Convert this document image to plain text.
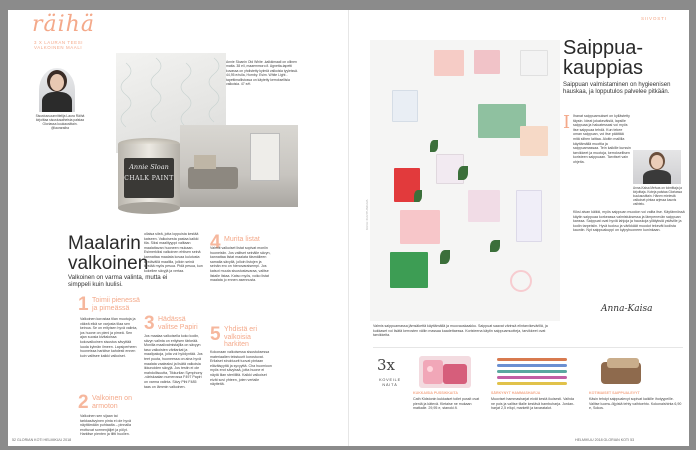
räihä
3 X LAURAN TEESI
VALKOINEN MAALI
Sisustussuunnittelija Laura Räihä kirjoittaa sisustusaiheista palstaa Gloriassa kuukausittain.
@lauraraiha
Annie Sloanin Old White -kalkkimaali on ollinen matta. 38 e/l, maaemmoro.fi. Agnetta-tapetti kuvassa on yhdistetty kylmiä valkoisia tyyleissä. 44,95 e/rulla, Hornby. Esim. White Light -tapettimallistossa on käytetty kerroksellisia valkoisia. 47 e/rl.
Annie Sloan
CHALK PAINT
Maalarin valkoinen
Valkoinen on varma valinta, mutta ei simppeli kuin luulisi.
1 Toimii pienessä ja pimeässä
Valkoinen korostaa tilan muotoja ja väkeä eikä se varjosta tilaa sen keinoa. Se on erityisen hyvä valinta, jos huone on pieni ja pimeä. Sen ajan suosia kivitaloissa kokovalkoinen sisustus sävyttää luoda kylmän ilmeen. Lapsiperheen huoneissa harkitse kahdesti ennen kuin valitsee kaikki valkoiset.
2 Valkoinen on armoton
Valkoinen sen sijaan tai tarkkasävyinen pinta ei ole hyvä näyttämään puhtaalta – pinnalla erottuvat sormenjäljet ja pölyt. Harkitse pienten ja tiltti huolien.
ollaisa sileä, jotta loppuista kestää katseen. Valkoisesta pastaa kaikki tila. Siksi maalityyppi valitaan maalattavan huoneen mukaan. Esimerkiksi valkoinen ehtisen seinä kannattaa maalata kovaa kulutusta kestävällä maalilla, jolloin seinä kestää myös pesua. Pidä pesua, kun kokeilee sävyjä ja vertaa.
3 Hädässä valitse Papiri
Jos maalaa valkoisella koko kodin, sävyn valinta on erityisen tärkeää. Monilla maalivalmistajilla on sävyyn taso valkoisten väritarkat ja maalipakoja, joita voi hyödyntää. Jos teet puuta, huoneessa on aina hyvä maalata vaaleaksi ja lisätä valkoisia ikkunoiden sävyjä. Jos testin ei ole mahdollisuutta, Tikkurilan Symphony -väriskaalan numerossa F497 Papiri on varma valinta. Sävy Pihl F485 taas on lämmin valkoinen.
4 Murita listat
Valmiit valkoiset listat sopivat moniin huoneisiin. Jos valitset seinälle sävyn, kannattaa listat maalata täsmälleen samalla sävyllä, jolloin listojen ja seinän ero on hienovaraisempi. Jos katsot muuta sisustustavaraa, valitse listalle listaa. Katso myös, voiko listat maalata jo ennen asennusta.
5 Yhdistä eri valkoisia harkiten
Kokonaan valkoisessa sisustuksessa materiaalien tekstuurit korostuvat. Erilaiset struktuurit tuovat pintaan eläväisyyttä ja syvyyttä. Cha huomioon myös erot sävyissä, jotta huone ei näytä liian steriililtä. Kaikki valkoiset eivät sovi yhteen, joten vertaile näytteitä.
52 GLORIAN KOTI HELMIKUU 2018
SIIVOSTI
KUVA: KUVITUSKUVA
Saippua-kauppias
Saippuan valmistaminen on hygieenisen hauskaa, ja lopputulos palvelee pitkään.
I Ihanat saippuamukset on kyllästetty täysin. Ideat jokakeväisiä, lapsille saippuaa ja haluatessasi voi myös itse saippuaa tehdä. Kun tekee oman saippuan, voi itse päättää mitä siihen laittaa. Aloitin mallilla käyttämällä muottia ja saippuamassaa. Tein kaikille kurssin tarvikkeet ja muotoja, kerroksellisen koristeen saippuaan. Tarvitset vain ohjeita.
Anna-Kaisa Melvas on toimittaja ja kirjoittaja. Koteja palstaa Gloriassa kuukausittain. Hänen mielestä valkoiset pintaa arjessa kaunis vaihtelu.
Kiksi aivan käikki, myös saippuan muodon voi valita itse. Käytännössä käytin saippuaa korkeassa valmistuksessa ja lämpenevän saippuan kanssa. Saippuat ovat hyviä lahjoja ja hauskoja yllätyksiä ystäville ja kodin tarpeisiin. Hyvä tuoksu ja värikkäät muodot tekevät kodista kauniin. Nyt saippuakuppi on kylpyhuoneen kuninkaan.
Anna-Kaisa
Valmis saippuamassa jämsäkettä käyttämällä ja muovauskaakku. Saippuat saavat värinsä elintarvikevärillä, ja kukkaset voi lisätä kerrosten väliin massaa kaadettaessa. Koristeena käytin saippuamuotteja, tarvikkeet ovat tarvikkeita.
3x
KOVEILE
NÄITÄ
KUKKAISIA PUSSIKKAITA
Cath Kidstonin kukkaiset toilet pussit ovat pieniä ja kätevä. Kietaise ne mukaan matkalle. 29,95 e, stanoki.fi.
SÄRKYNYT HAMMASHARJA
Muoviset hammasharjat eivät kestä ikuisesti. Vaihda ne pois ja valitse tilalle kestävä bambuharja. Jordan-harjat 2,5 e/kpl, marketit ja tavaratalot.
KOTIMAISET SAIPPUALEVYT
Käsin tehdyt saippualevyt sopivat kaikille ihotyypeille. Valitse luomu-öljyistä tehty vaihtoehto. Kokonaishinta 6,90 e, Sokos.
HELMIKUU 2018 GLORIAN KOTI 53
